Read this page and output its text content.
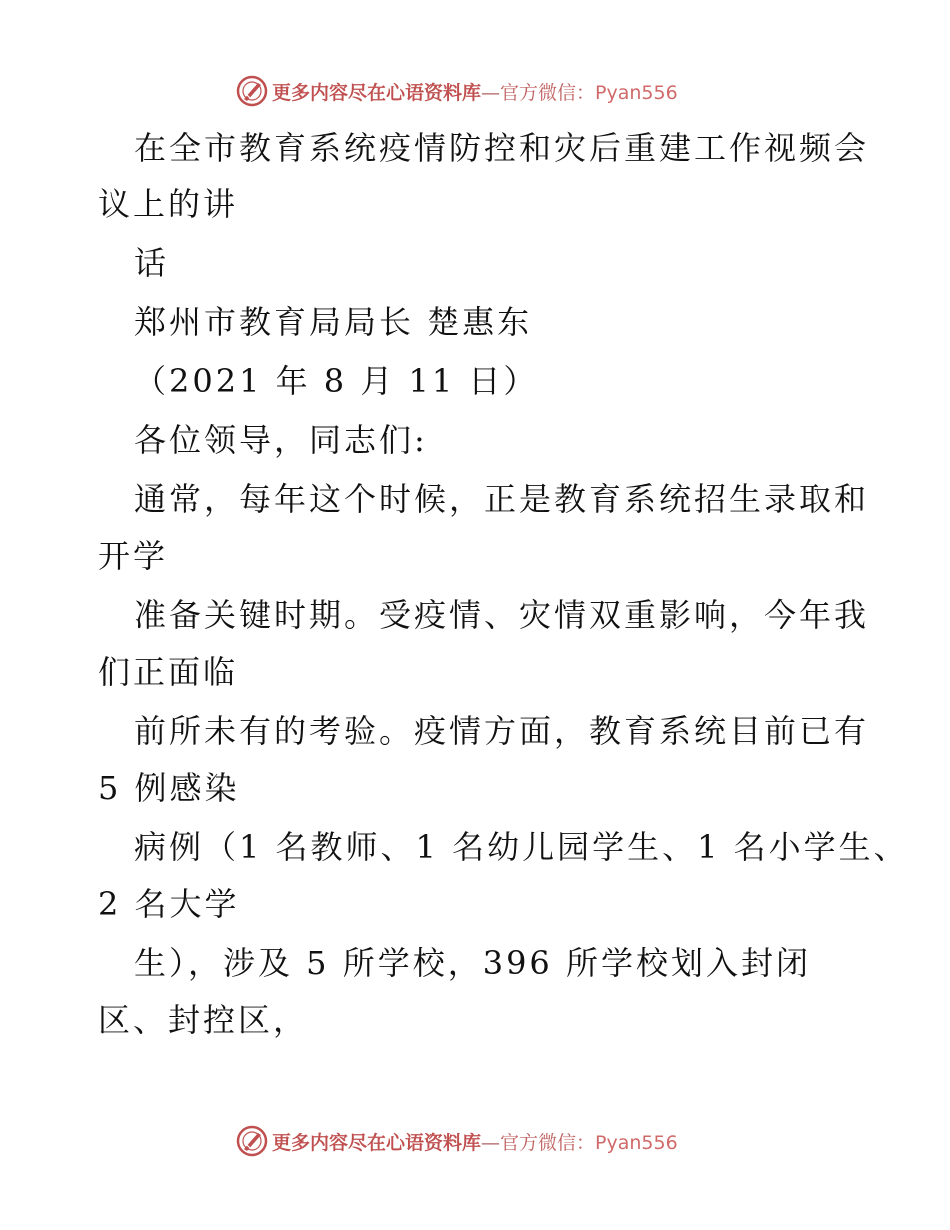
更多内容尽在心语资料库—官方微信：Pyan556
在全市教育系统疫情防控和灾后重建工作视频会
议上的讲
话
郑州市教育局局长 楚惠东
（2021 年 8 月 11 日）
各位领导，同志们:
通常，每年这个时候，正是教育系统招生录取和
开学
准备关键时期。受疫情、灾情双重影响，今年我
们正面临
前所未有的考验。疫情方面，教育系统目前已有
5 例感染
病例（1 名教师、1 名幼儿园学生、1 名小学生、
2 名大学
生），涉及 5 所学校，396 所学校划入封闭
区、封控区，
更多内容尽在心语资料库—官方微信：Pyan556
